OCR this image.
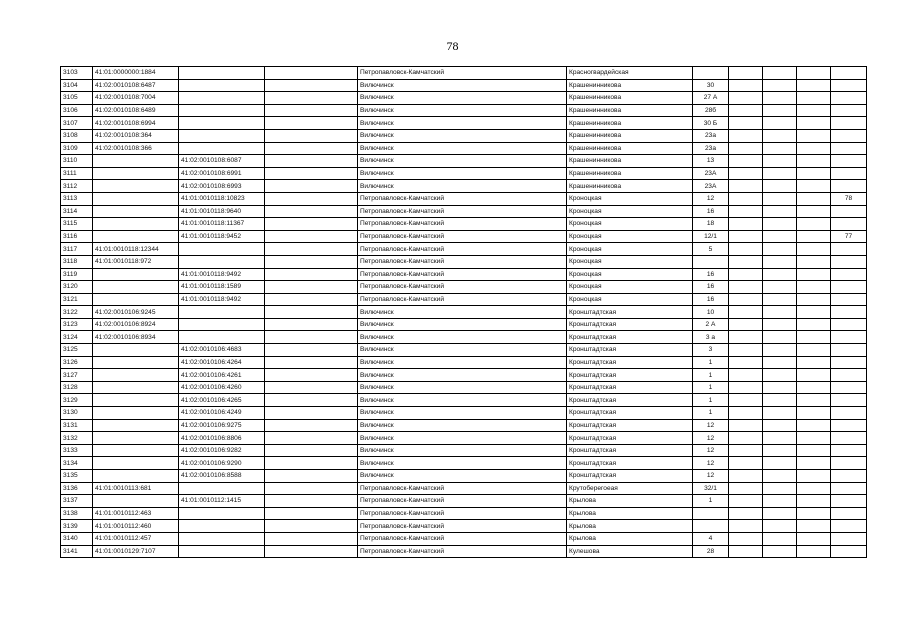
78
3103	41:01:0000000:1884			Петропавловск-Камчатский	Красногвардейская					
3104	41:02:0010108:6487			Вилючинск	Крашенинникова	30				
3105	41:02:0010108:7004			Вилючинск	Крашенинникова	27 А				
3106	41:02:0010108:6489			Вилючинск	Крашенинникова	28б				
3107	41:02:0010108:6994			Вилючинск	Крашенинникова	30 Б				
3108	41:02:0010108:364			Вилючинск	Крашенинникова	23а				
3109	41:02:0010108:366			Вилючинск	Крашенинникова	23а				
3110		41:02:0010108:6087		Вилючинск	Крашенинникова	13				
3111		41:02:0010108:6991		Вилючинск	Крашенинникова	23А				
3112		41:02:0010108:6993		Вилючинск	Крашенинникова	23А				
3113		41:01:0010118:10823		Петропавловск-Камчатский	Кроноцкая	12				78
3114		41:01:0010118:9640		Петропавловск-Камчатский	Кроноцкая	16				
3115		41:01:0010118:11367		Петропавловск-Камчатский	Кроноцкая	18				
3116		41:01:0010118:9452		Петропавловск-Камчатский	Кроноцкая	12/1				77
3117	41:01:0010118:12344			Петропавловск-Камчатский	Кроноцкая	5				
3118	41:01:0010118:972			Петропавловск-Камчатский	Кроноцкая					
3119		41:01:0010118:9492		Петропавловск-Камчатский	Кроноцкая	16				
3120		41:01:0010118:1589		Петропавловск-Камчатский	Кроноцкая	16				
3121		41:01:0010118:9492		Петропавловск-Камчатский	Кроноцкая	16				
3122	41:02:0010106:9245			Вилючинск	Кронштадтская	10				
3123	41:02:0010106:8924			Вилючинск	Кронштадтская	2 А				
3124	41:02:0010106:8934			Вилючинск	Кронштадтская	3 а				
3125		41:02:0010106:4683		Вилючинск	Кронштадтская	3				
3126		41:02:0010106:4264		Вилючинск	Кронштадтская	1				
3127		41:02:0010106:4261		Вилючинск	Кронштадтская	1				
3128		41:02:0010106:4260		Вилючинск	Кронштадтская	1				
3129		41:02:0010106:4265		Вилючинск	Кронштадтская	1				
3130		41:02:0010106:4249		Вилючинск	Кронштадтская	1				
3131		41:02:0010106:9275		Вилючинск	Кронштадтская	12				
3132		41:02:0010106:8806		Вилючинск	Кронштадтская	12				
3133		41:02:0010106:9282		Вилючинск	Кронштадтская	12				
3134		41:02:0010106:9290		Вилючинск	Кронштадтская	12				
3135		41:02:0010106:8588		Вилючинск	Кронштадтская	12				
3136	41:01:0010113:681			Петропавловск-Камчатский	Крутоберегоеая	32/1				
3137		41:01:0010112:1415		Петропавловск-Камчатский	Крылова	1				
3138	41:01:0010112:463			Петропавловск-Камчатский	Крылова					
3139	41:01:0010112:460			Петропавловск-Камчатский	Крылова					
3140	41:01:0010112:457			Петропавловск-Камчатский	Крылова	4				
3141	41:01:0010129:7107			Петропавловск-Камчатский	Кулешова	28				
